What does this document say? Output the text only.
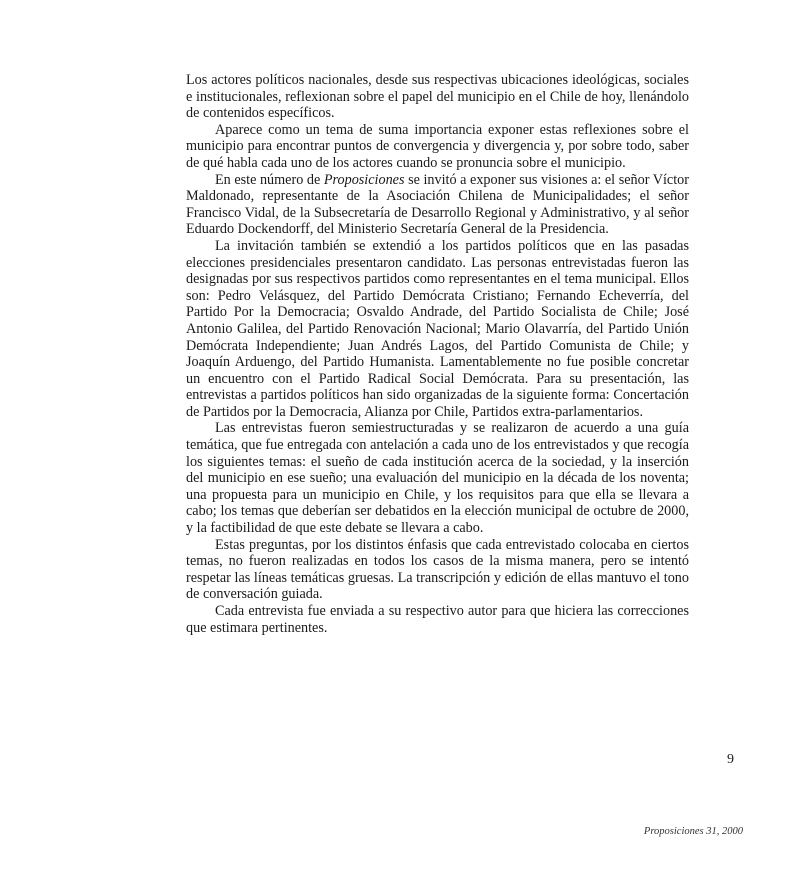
Los actores políticos nacionales, desde sus respectivas ubicaciones ideológicas, sociales e institucionales, reflexionan sobre el papel del municipio en el Chile de hoy, llenándolo de contenidos específicos.

Aparece como un tema de suma importancia exponer estas reflexiones sobre el municipio para encontrar puntos de convergencia y divergencia y, por sobre todo, saber de qué habla cada uno de los actores cuando se pronuncia sobre el municipio.

En este número de Proposiciones se invitó a exponer sus visiones a: el señor Víctor Maldonado, representante de la Asociación Chilena de Municipalidades; el señor Francisco Vidal, de la Subsecretaría de Desarrollo Regional y Administrativo, y al señor Eduardo Dockendorff, del Ministerio Secretaría General de la Presidencia.

La invitación también se extendió a los partidos políticos que en las pasadas elecciones presidenciales presentaron candidato. Las personas entrevistadas fueron las designadas por sus respectivos partidos como representantes en el tema municipal. Ellos son: Pedro Velásquez, del Partido Demócrata Cristiano; Fernando Echeverría, del Partido Por la Democracia; Osvaldo Andrade, del Partido Socialista de Chile; José Antonio Galilea, del Partido Renovación Nacional; Mario Olavarría, del Partido Unión Demócrata Independiente; Juan Andrés Lagos, del Partido Comunista de Chile; y Joaquín Arduengo, del Partido Humanista. Lamentablemente no fue posible concretar un encuentro con el Partido Radical Social Demócrata. Para su presentación, las entrevistas a partidos políticos han sido organizadas de la siguiente forma: Concertación de Partidos por la Democracia, Alianza por Chile, Partidos extra-parlamentarios.

Las entrevistas fueron semiestructuradas y se realizaron de acuerdo a una guía temática, que fue entregada con antelación a cada uno de los entrevistados y que recogía los siguientes temas: el sueño de cada institución acerca de la sociedad, y la inserción del municipio en ese sueño; una evaluación del municipio en la década de los noventa; una propuesta para un municipio en Chile, y los requisitos para que ella se llevara a cabo; los temas que deberían ser debatidos en la elección municipal de octubre de 2000, y la factibilidad de que este debate se llevara a cabo.

Estas preguntas, por los distintos énfasis que cada entrevistado colocaba en ciertos temas, no fueron realizadas en todos los casos de la misma manera, pero se intentó respetar las líneas temáticas gruesas. La transcripción y edición de ellas mantuvo el tono de conversación guiada.

Cada entrevista fue enviada a su respectivo autor para que hiciera las correcciones que estimara pertinentes.

9
Proposiciones 31, 2000
